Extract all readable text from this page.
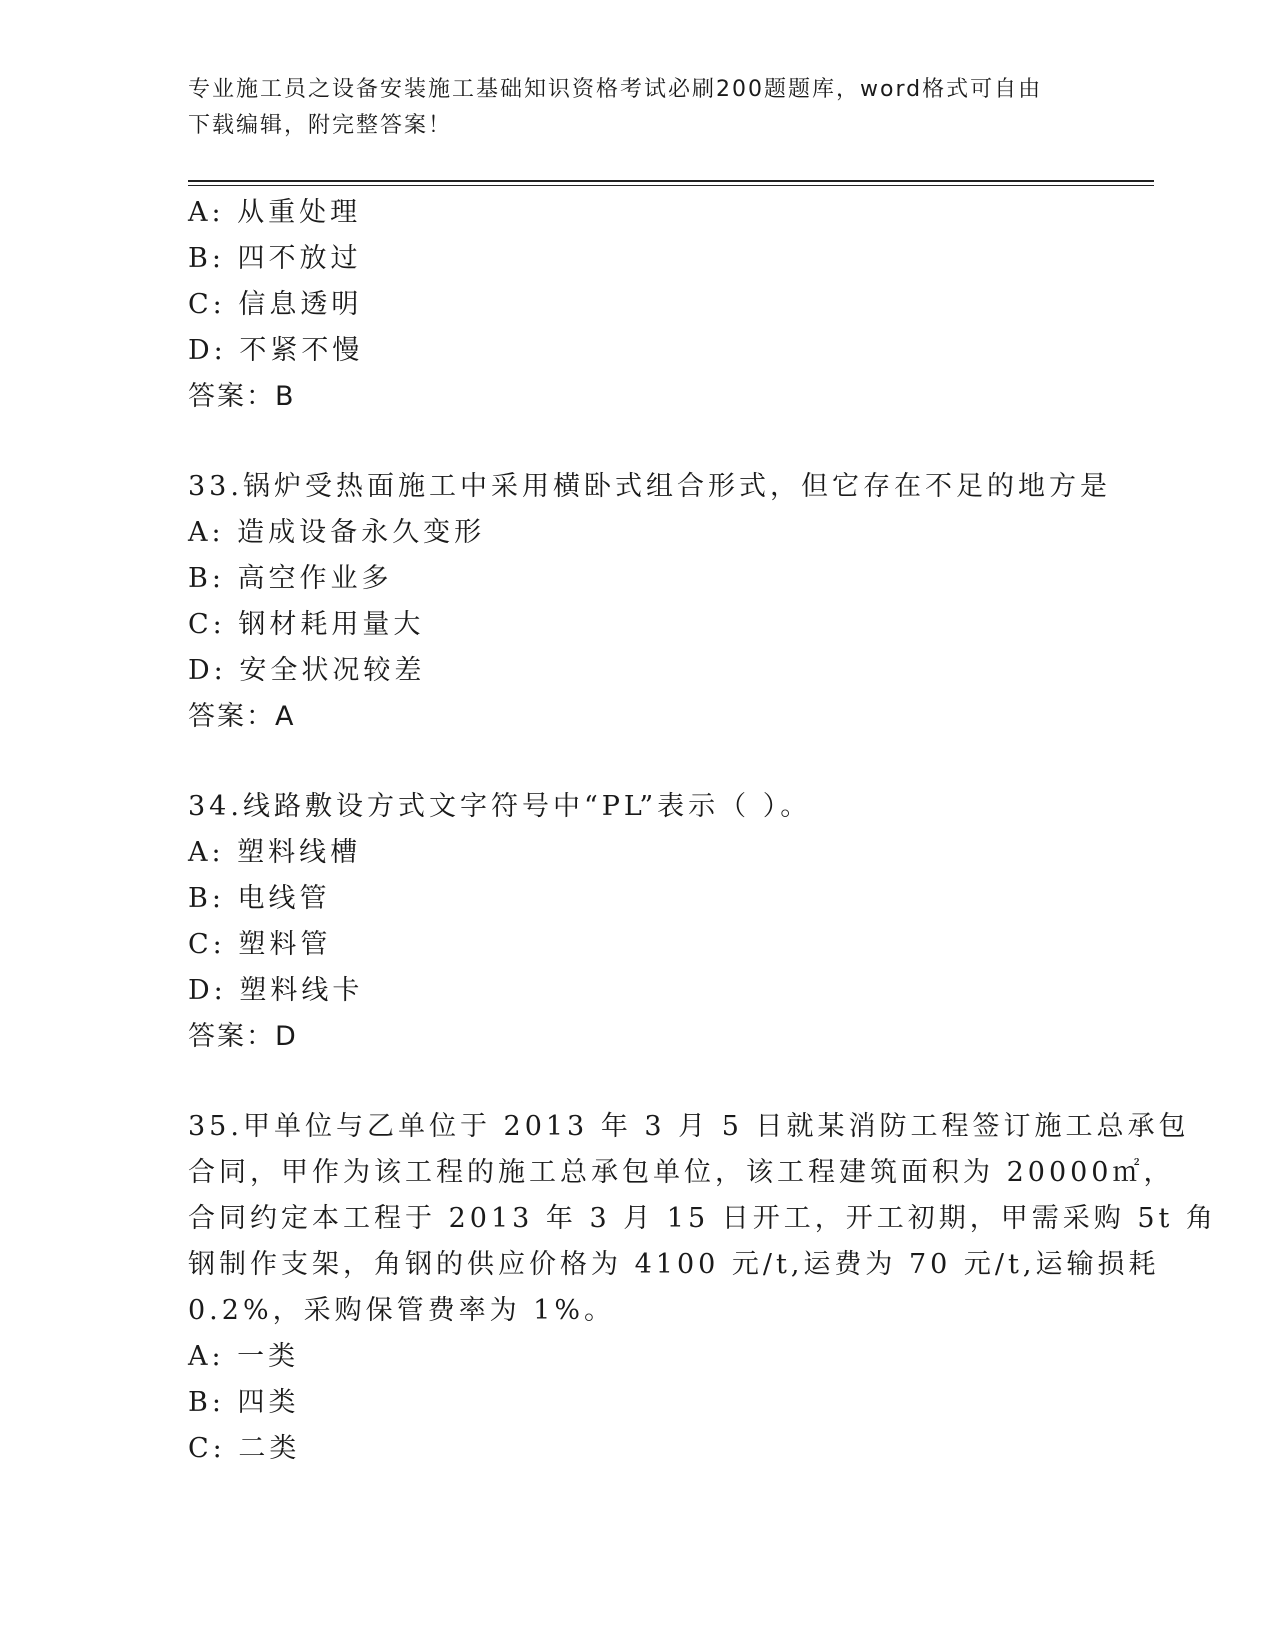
专业施工员之设备安装施工基础知识资格考试必刷200题题库，word格式可自由
下载编辑，附完整答案！
A: 从重处理
B: 四不放过
C: 信息透明
D: 不紧不慢
答案：B
33.锅炉受热面施工中采用横卧式组合形式，但它存在不足的地方是
A: 造成设备永久变形
B: 高空作业多
C: 钢材耗用量大
D: 安全状况较差
答案：A
34.线路敷设方式文字符号中“PL”表示（ ）。
A: 塑料线槽
B: 电线管
C: 塑料管
D: 塑料线卡
答案：D
35.甲单位与乙单位于 2013 年 3 月 5 日就某消防工程签订施工总承包
合同，甲作为该工程的施工总承包单位，该工程建筑面积为 20000㎡，
合同约定本工程于 2013 年 3 月 15 日开工，开工初期，甲需采购 5t 角
钢制作支架，角钢的供应价格为 4100 元/t,运费为 70 元/t,运输损耗
0.2%，采购保管费率为 1%。
A: 一类
B: 四类
C: 二类
